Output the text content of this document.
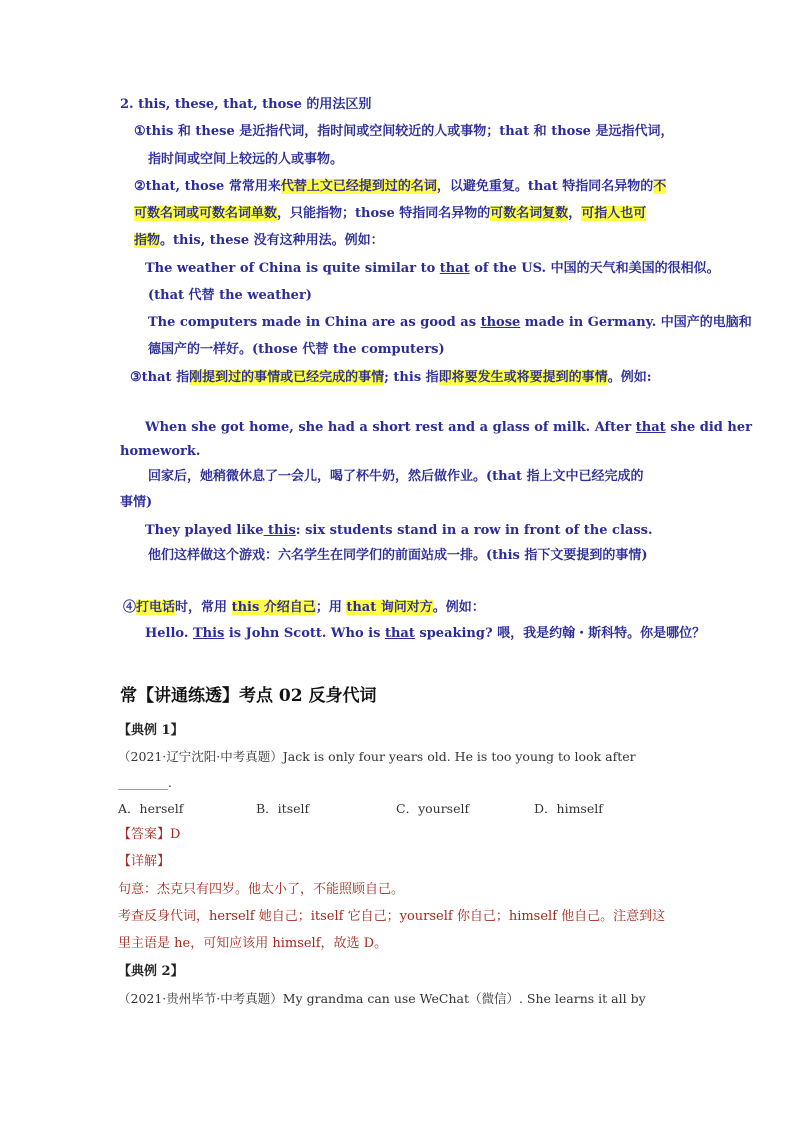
2. this, these, that, those 的用法区别
①this 和 these 是近指代词，指时间或空间较近的人或事物；that 和 those 是远指代词，
指时间或空间上较远的人或事物。
②that, those 常常用来代替上文已经提到过的名词，以避免重复。that 特指同名异物的不
可数名词或可数名词单数，只能指物；those 特指同名异物的可数名词复数，可指人也可
指物。this, these 没有这种用法。例如：
The weather of China is quite similar to that of the US. 中国的天气和美国的很相似。
(that 代替 the weather)
The computers made in China are as good as those made in Germany. 中国产的电脑和
德国产的一样好。(those 代替 the computers)
③that 指刚提到过的事情或已经完成的事情; this 指即将要发生或将要提到的事情。例如:
When she got home, she had a short rest and a glass of milk. After that she did her
homework.
回家后，她稍微休息了一会儿，喝了杯牛奶，然后做作业。(that 指上文中已经完成的
事情)
They played like this: six students stand in a row in front of the class.
他们这样做这个游戏：六名学生在同学们的前面站成一排。(this 指下文要提到的事情)
④打电话时，常用 this 介绍自己；用 that 询问对方。例如：
Hello. This is John Scott. Who is that speaking? 喂，我是约翰・斯科特。你是哪位？
常【讲通练透】考点 02 反身代词
【典例 1】
（2021·辽宁沈阳·中考真题）Jack is only four years old. He is too young to look after
________.
A．herself	B．itself	C．yourself	D．himself
【答案】D
【详解】
句意：杰克只有四岁。他太小了，不能照顾自己。
考查反身代词，herself 她自己；itself 它自己；yourself 你自己；himself 他自己。注意到这
里主语是 he，可知应该用 himself，故选 D。
【典例 2】
（2021·贵州毕节·中考真题）My grandma can use WeChat（微信）. She learns it all by
